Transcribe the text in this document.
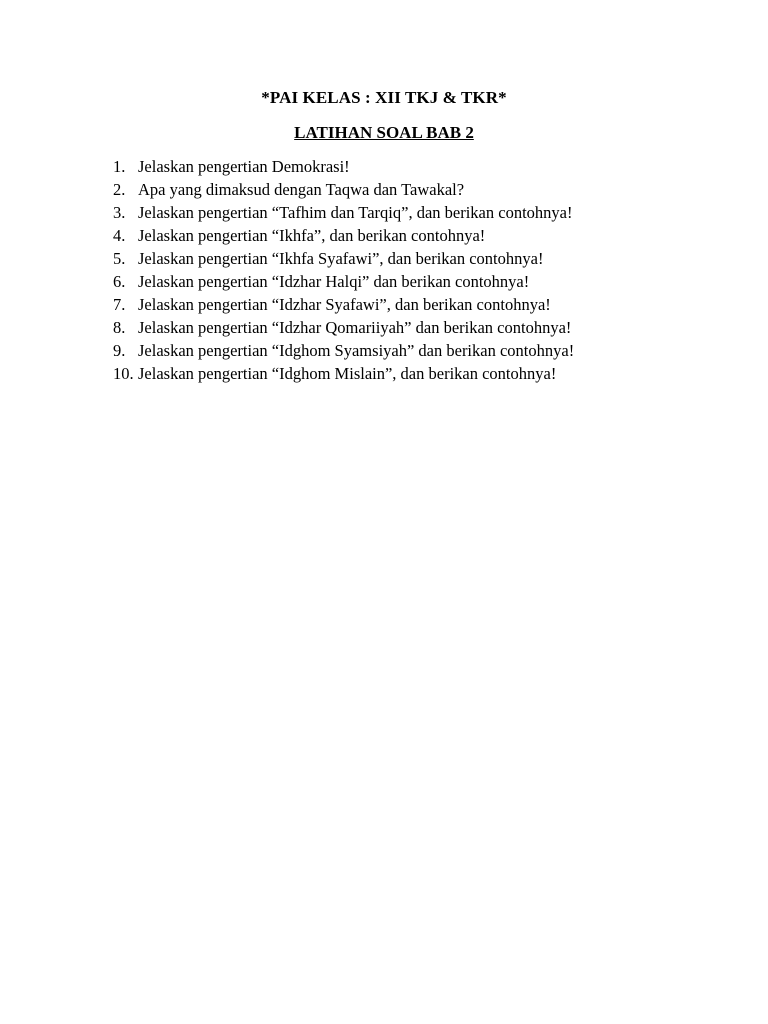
*PAI KELAS : XII TKJ & TKR*
LATIHAN SOAL BAB 2
1. Jelaskan pengertian Demokrasi!
2. Apa yang dimaksud dengan Taqwa dan Tawakal?
3. Jelaskan pengertian “Tafhim dan Tarqiq”, dan berikan contohnya!
4. Jelaskan pengertian “Ikhfa”, dan berikan contohnya!
5. Jelaskan pengertian “Ikhfa Syafawi”, dan berikan contohnya!
6. Jelaskan pengertian “Idzhar Halqi” dan berikan contohnya!
7. Jelaskan pengertian “Idzhar Syafawi”, dan berikan contohnya!
8. Jelaskan pengertian “Idzhar Qomariiyah” dan berikan contohnya!
9. Jelaskan pengertian “Idghom Syamsiyah” dan berikan contohnya!
10. Jelaskan pengertian “Idghom Mislain”, dan berikan contohnya!
